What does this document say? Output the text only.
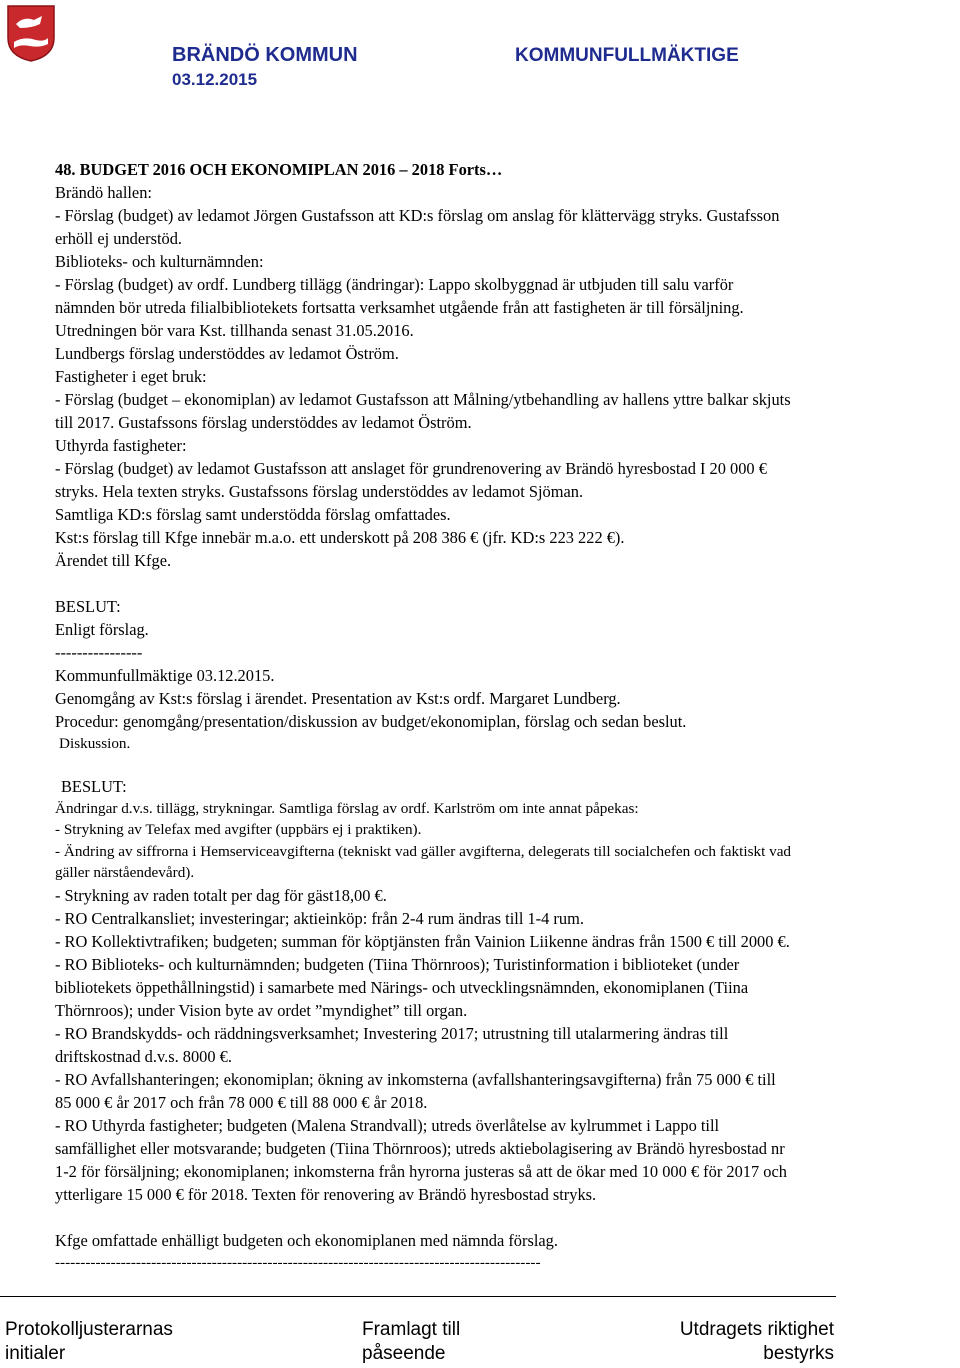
BRÄNDÖ KOMMUN
03.12.2015
KOMMUNFULLMÄKTIGE

48. BUDGET 2016 OCH EKONOMIPLAN 2016 – 2018 Forts…

Brändö hallen:

- Förslag (budget) av ledamot Jörgen Gustafsson att KD:s förslag om anslag för klättervägg stryks. Gustafsson

erhöll ej understöd.

Biblioteks- och kulturnämnden:

- Förslag (budget) av ordf. Lundberg tillägg (ändringar): Lappo skolbyggnad är utbjuden till salu varför

nämnden bör utreda filialbibliotekets fortsatta verksamhet utgående från att fastigheten är till försäljning.

Utredningen bör vara Kst. tillhanda senast 31.05.2016.

Lundbergs förslag understöddes av ledamot Öström.

Fastigheter i eget bruk:

- Förslag (budget – ekonomiplan) av ledamot Gustafsson att Målning/ytbehandling av hallens yttre balkar skjuts

till 2017. Gustafssons förslag understöddes av ledamot Öström.

Uthyrda fastigheter:

- Förslag (budget) av ledamot Gustafsson att anslaget för grundrenovering av Brändö hyresbostad I 20 000 €

stryks. Hela texten stryks. Gustafssons förslag understöddes av ledamot Sjöman.

Samtliga KD:s förslag samt understödda förslag omfattades.

Kst:s förslag till Kfge innebär m.a.o. ett underskott på 208 386 € (jfr. KD:s 223 222 €).

Ärendet till Kfge.

BESLUT:

Enligt förslag.

----------------

Kommunfullmäktige 03.12.2015.

Genomgång av Kst:s förslag i ärendet. Presentation av Kst:s ordf. Margaret Lundberg.

Procedur: genomgång/presentation/diskussion av budget/ekonomiplan, förslag och sedan beslut.

Diskussion.

BESLUT:

Ändringar d.v.s. tillägg, strykningar. Samtliga förslag av ordf. Karlström om inte annat påpekas:

- Strykning av Telefax med avgifter (uppbärs ej i praktiken).

- Ändring av siffrorna i Hemserviceavgifterna (tekniskt vad gäller avgifterna, delegerats till socialchefen och faktiskt vad

gäller närståendevård).

- Strykning av raden totalt per dag för gäst18,00 €.

- RO Centralkansliet; investeringar; aktieinköp: från 2-4 rum ändras till 1-4 rum.

- RO Kollektivtrafiken; budgeten; summan för köptjänsten från Vainion Liikenne ändras från 1500 € till 2000 €.

- RO Biblioteks- och kulturnämnden; budgeten (Tiina Thörnroos); Turistinformation i biblioteket (under

bibliotekets öppethållningstid) i samarbete med Närings- och utvecklingsnämnden, ekonomiplanen (Tiina

Thörnroos); under Vision byte av ordet ”myndighet” till organ.

- RO Brandskydds- och räddningsverksamhet; Investering 2017; utrustning till utalarmering ändras till

driftskostnad d.v.s. 8000 €.

- RO Avfallshanteringen; ekonomiplan; ökning av inkomsterna (avfallshanteringsavgifterna) från 75 000 € till

85 000 € år 2017 och från 78 000 € till 88 000 € år 2018.

- RO Uthyrda fastigheter; budgeten (Malena Strandvall); utreds överlåtelse av kylrummet i Lappo till

samfällighet eller motsvarande; budgeten (Tiina Thörnroos); utreds aktiebolagisering av Brändö hyresbostad nr

1-2 för försäljning; ekonomiplanen; inkomsterna från hyrorna justeras så att de ökar med 10 000 € för 2017 och

ytterligare 15 000 € för 2018. Texten för renovering av Brändö hyresbostad stryks.

Kfge omfattade enhälligt budgeten och ekonomiplanen med nämnda förslag.

------------------------------------------------------------------------------------------------

Protokolljusterarnas
initialer
Framlagt till
påseende
Utdragets riktighet
bestyrks
